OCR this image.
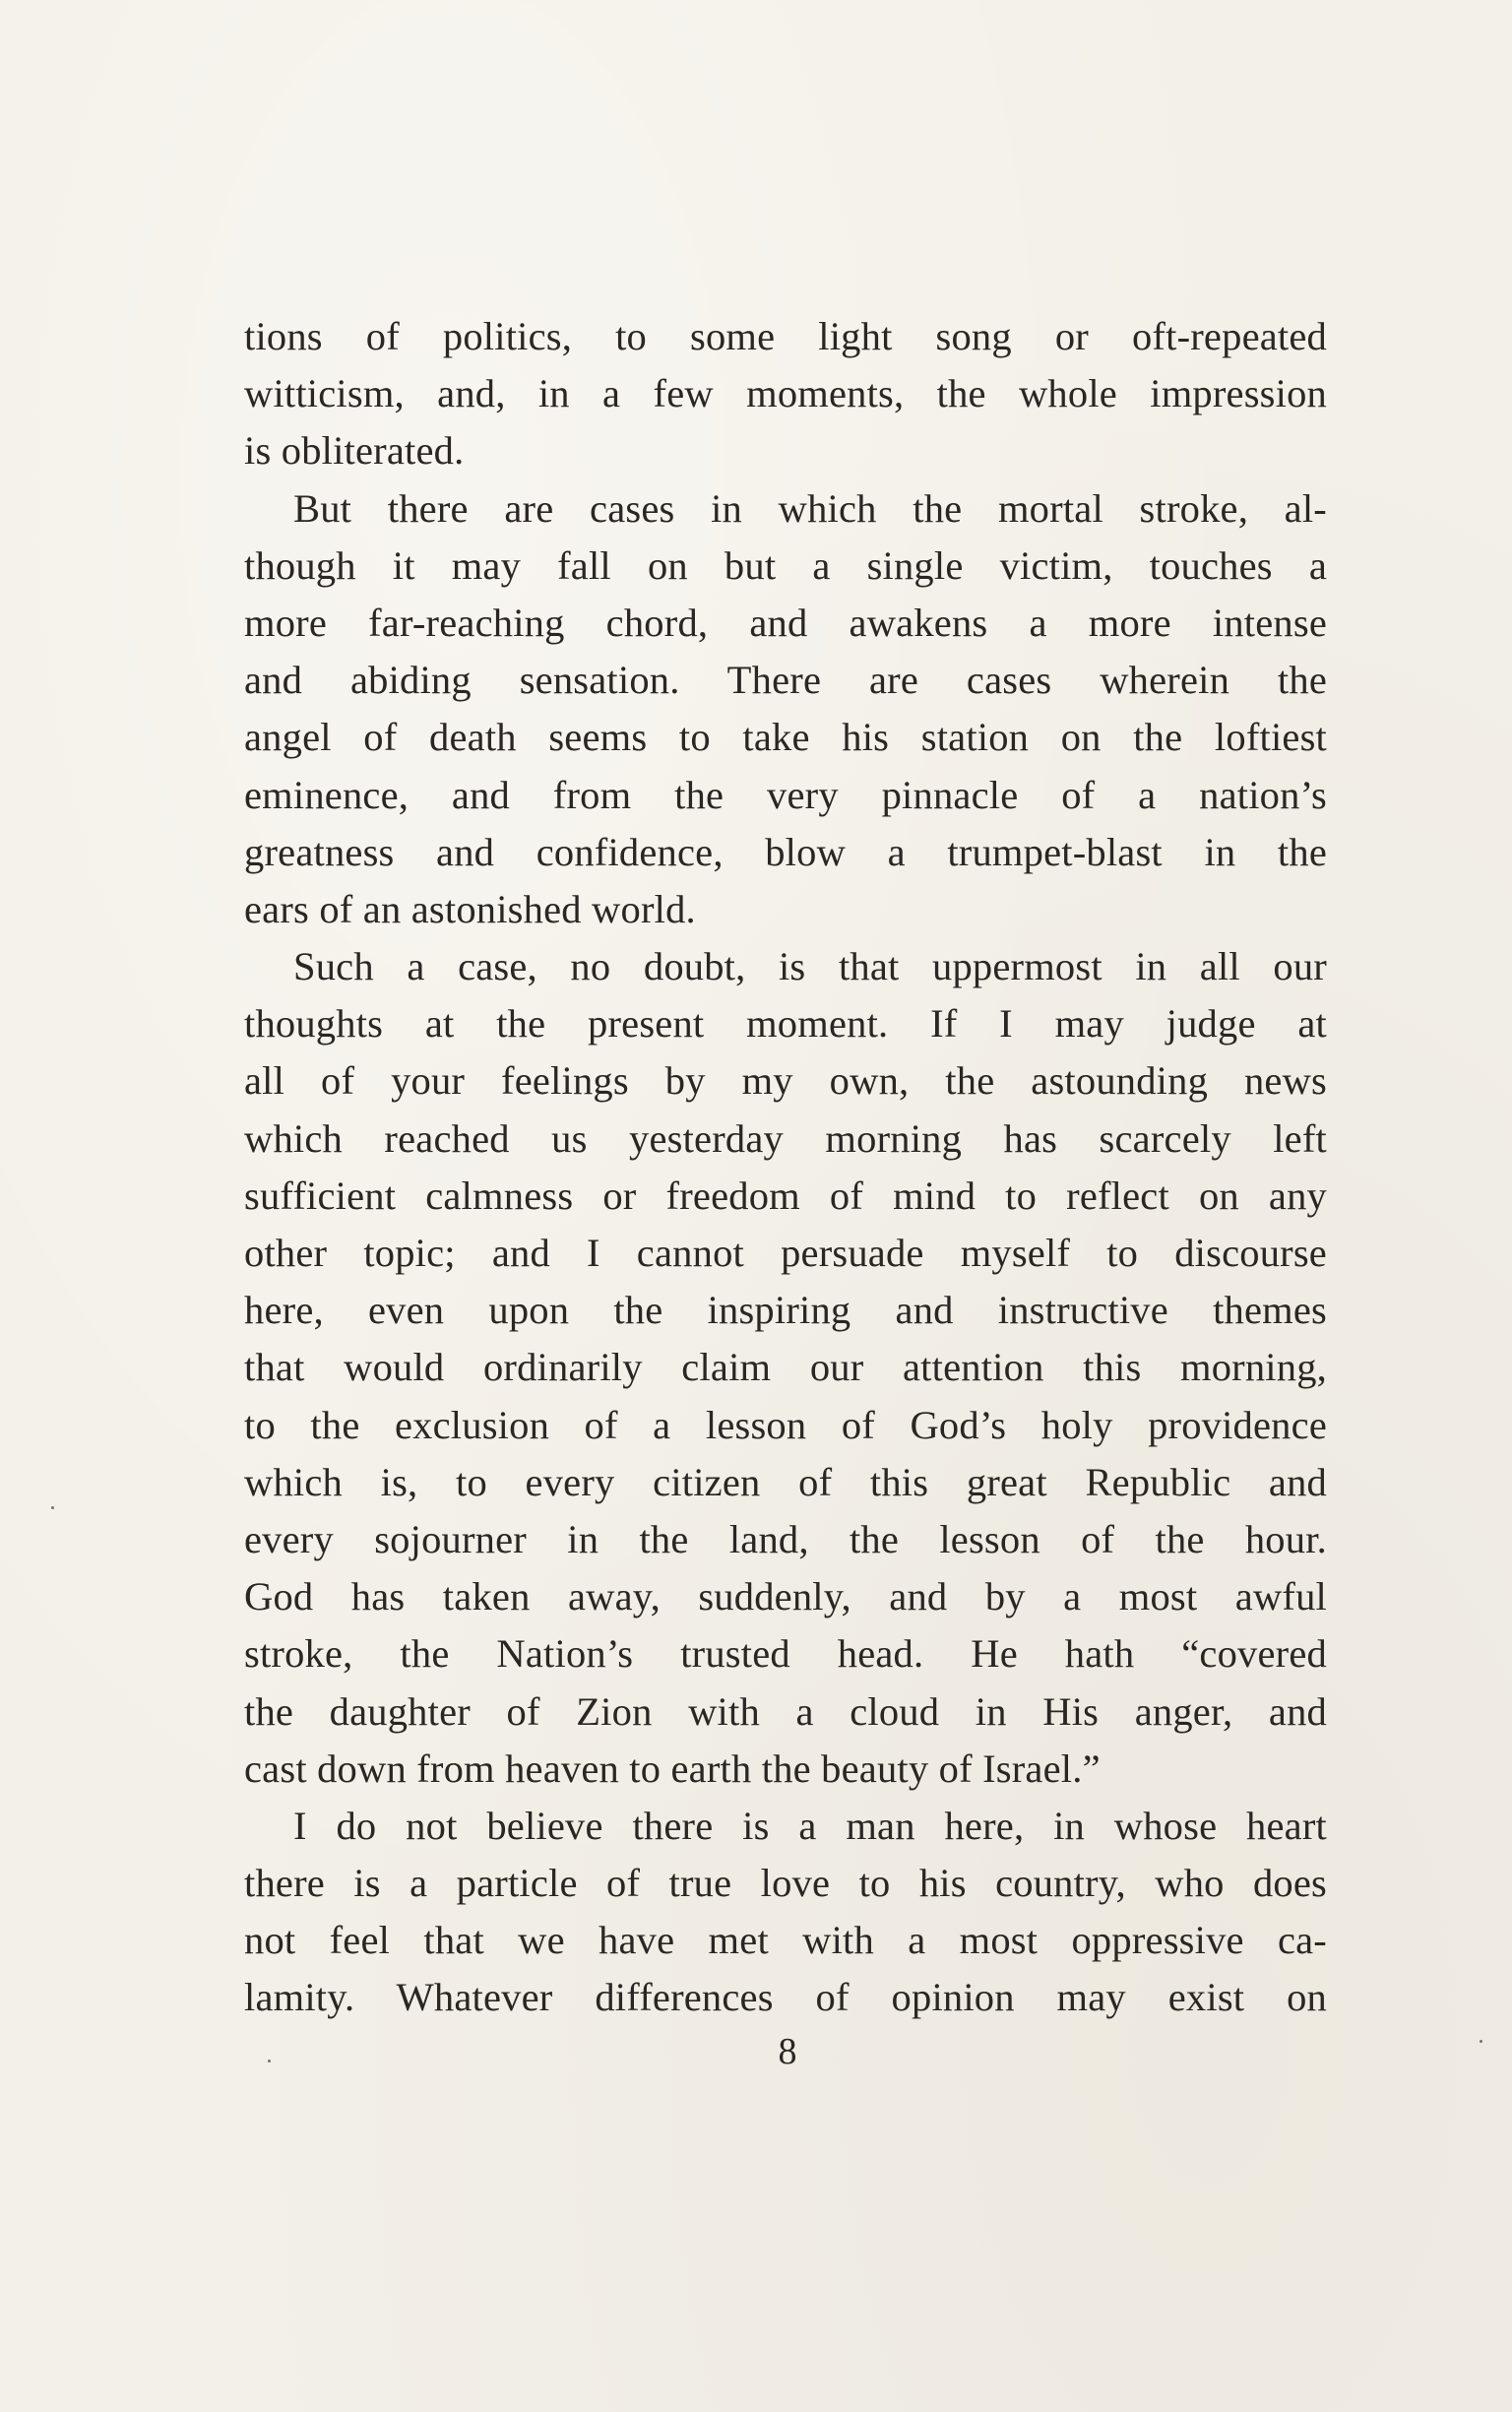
tions of politics, to some light song or oft-repeated
witticism, and, in a few moments, the whole impression
is obliterated.
But there are cases in which the mortal stroke, al-
though it may fall on but a single victim, touches a
more far-reaching chord, and awakens a more intense
and abiding sensation. There are cases wherein the
angel of death seems to take his station on the loftiest
eminence, and from the very pinnacle of a nation’s
greatness and confidence, blow a trumpet-blast in the
ears of an astonished world.
Such a case, no doubt, is that uppermost in all our
thoughts at the present moment. If I may judge at
all of your feelings by my own, the astounding news
which reached us yesterday morning has scarcely left
sufficient calmness or freedom of mind to reflect on any
other topic; and I cannot persuade myself to discourse
here, even upon the inspiring and instructive themes
that would ordinarily claim our attention this morning,
to the exclusion of a lesson of God’s holy providence
which is, to every citizen of this great Republic and
every sojourner in the land, the lesson of the hour.
God has taken away, suddenly, and by a most awful
stroke, the Nation’s trusted head. He hath “covered
the daughter of Zion with a cloud in His anger, and
cast down from heaven to earth the beauty of Israel.”
I do not believe there is a man here, in whose heart
there is a particle of true love to his country, who does
not feel that we have met with a most oppressive ca-
lamity. Whatever differences of opinion may exist on
8
